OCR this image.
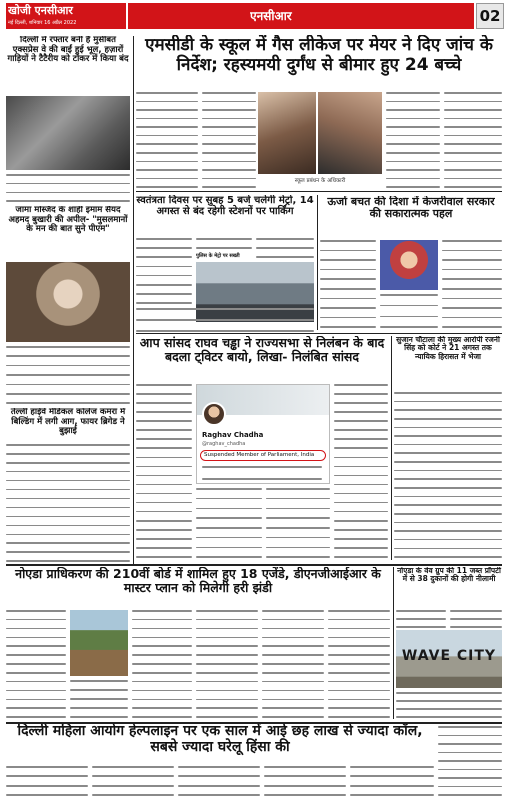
खोजी एनसीआर
नई दिल्ली, शनिवार 16 अप्रैल 2022	एनसीआर	02
दिल्ली में रफ्तार बनी है मुसीबत एक्सप्रेस वे की बाईं हुई भूल, हज़ारों गाड़ियों ने टैटैरीय को टोकर में किया बंद
जामा मस्जिद के शाही इमाम सैयद अहमद बुखारी की अपील- "मुसलमानों के मन की बात सुने पीएम"
तेल्ली हाईवे मेडिकल कॉलेज कमरा में बिल्डिंग में लगी आग, फायर ब्रिगेड ने बुझाई
एमसीडी के स्कूल में गैस लीकेज पर मेयर ने दिए जांच के निर्देश; रहस्यमयी दुर्गंध से बीमार हुए 24 बच्चे
स्कूल प्रबंधन के अधिकारी
स्वतंत्रता दिवस पर सुबह 5 बजे चलेगी मेट्रो, 14 अगस्त से बंद रहेगी स्टेशनों पर पार्किंग
पुलिस के मेट्रो पर सख्ती
ऊर्जा बचत की दिशा में केजरीवाल सरकार की सकारात्मक पहल
आप सांसद राघव चड्ढा ने राज्यसभा से निलंबन के बाद बदला ट्विटर बायो, लिखा- निलंबित सांसद
Raghav Chadha
@raghav_chadha
Suspended Member of Parliament, India
सुजान चौटाला की मुख्य आरोपी रजनी सिंह को कोर्ट ने 21 अगस्त तक न्यायिक हिरासत में भेजा
नोएडा प्राधिकरण की 210वीं बोर्ड में शामिल हुए 18 एजेंडे, डीएनजीआईआर के मास्टर प्लान को मिलेगी हरी झंडी
नोएडा के वेव ग्रुप की 11 जब्त प्रॉपर्टी में से 38 दुकानों की होगी नीलामी
WAVE CITY
दिल्ली महिला आयोग हेल्पलाइन पर एक साल में आई छह लाख से ज्यादा कॉल, सबसे ज्यादा घरेलू हिंसा की
